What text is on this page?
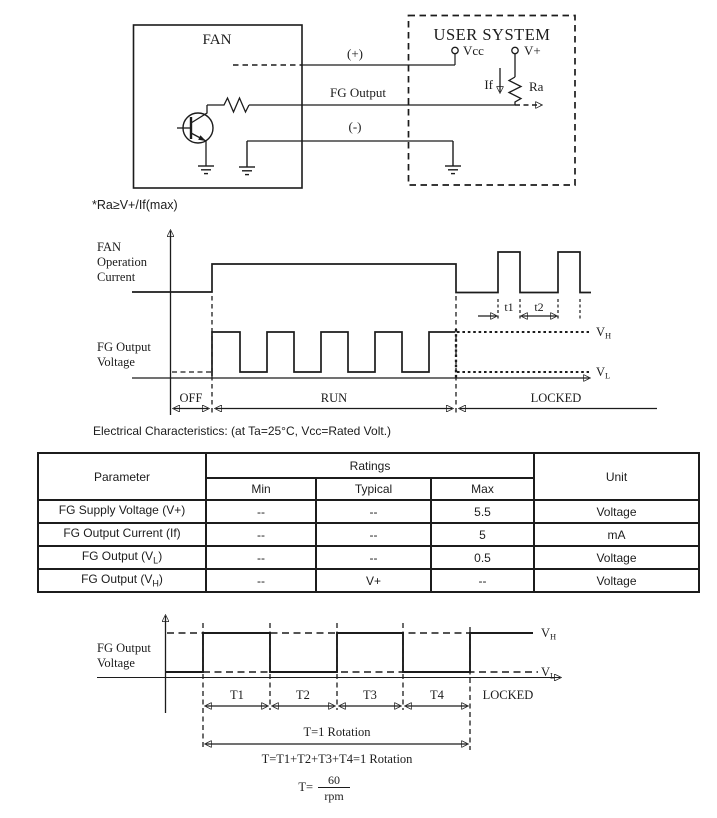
FAN
(+)
FG Output
(-)
USER SYSTEM
Vcc	V+
Ra
If
*Ra≥V+/If(max)
FAN
Operation
Current
FG Output
Voltage
t1 t2
$V_H$
$V_L$
OFF	RUN	LOCKED
Electrical Characteristics: (at Ta=25°C, Vcc=Rated Volt.)
Parameter	Ratings			Unit
	Min	Typical	Max	
FG Supply Voltage (V+)	--	--	5.5	Voltage
FG Output Current (If)	--	--	5	mA
FG Output $(V_L)$	--	--	0.5	Voltage
FG Output $(V_H)$	--	V+	--	Voltage
FG Output
Voltage
$V_H$
$V_L$
T1	T2	T3	T4	LOCKED
T=1 Rotation
T=T1+T2+T3+T4=1 Rotation
T= 60
rpm
